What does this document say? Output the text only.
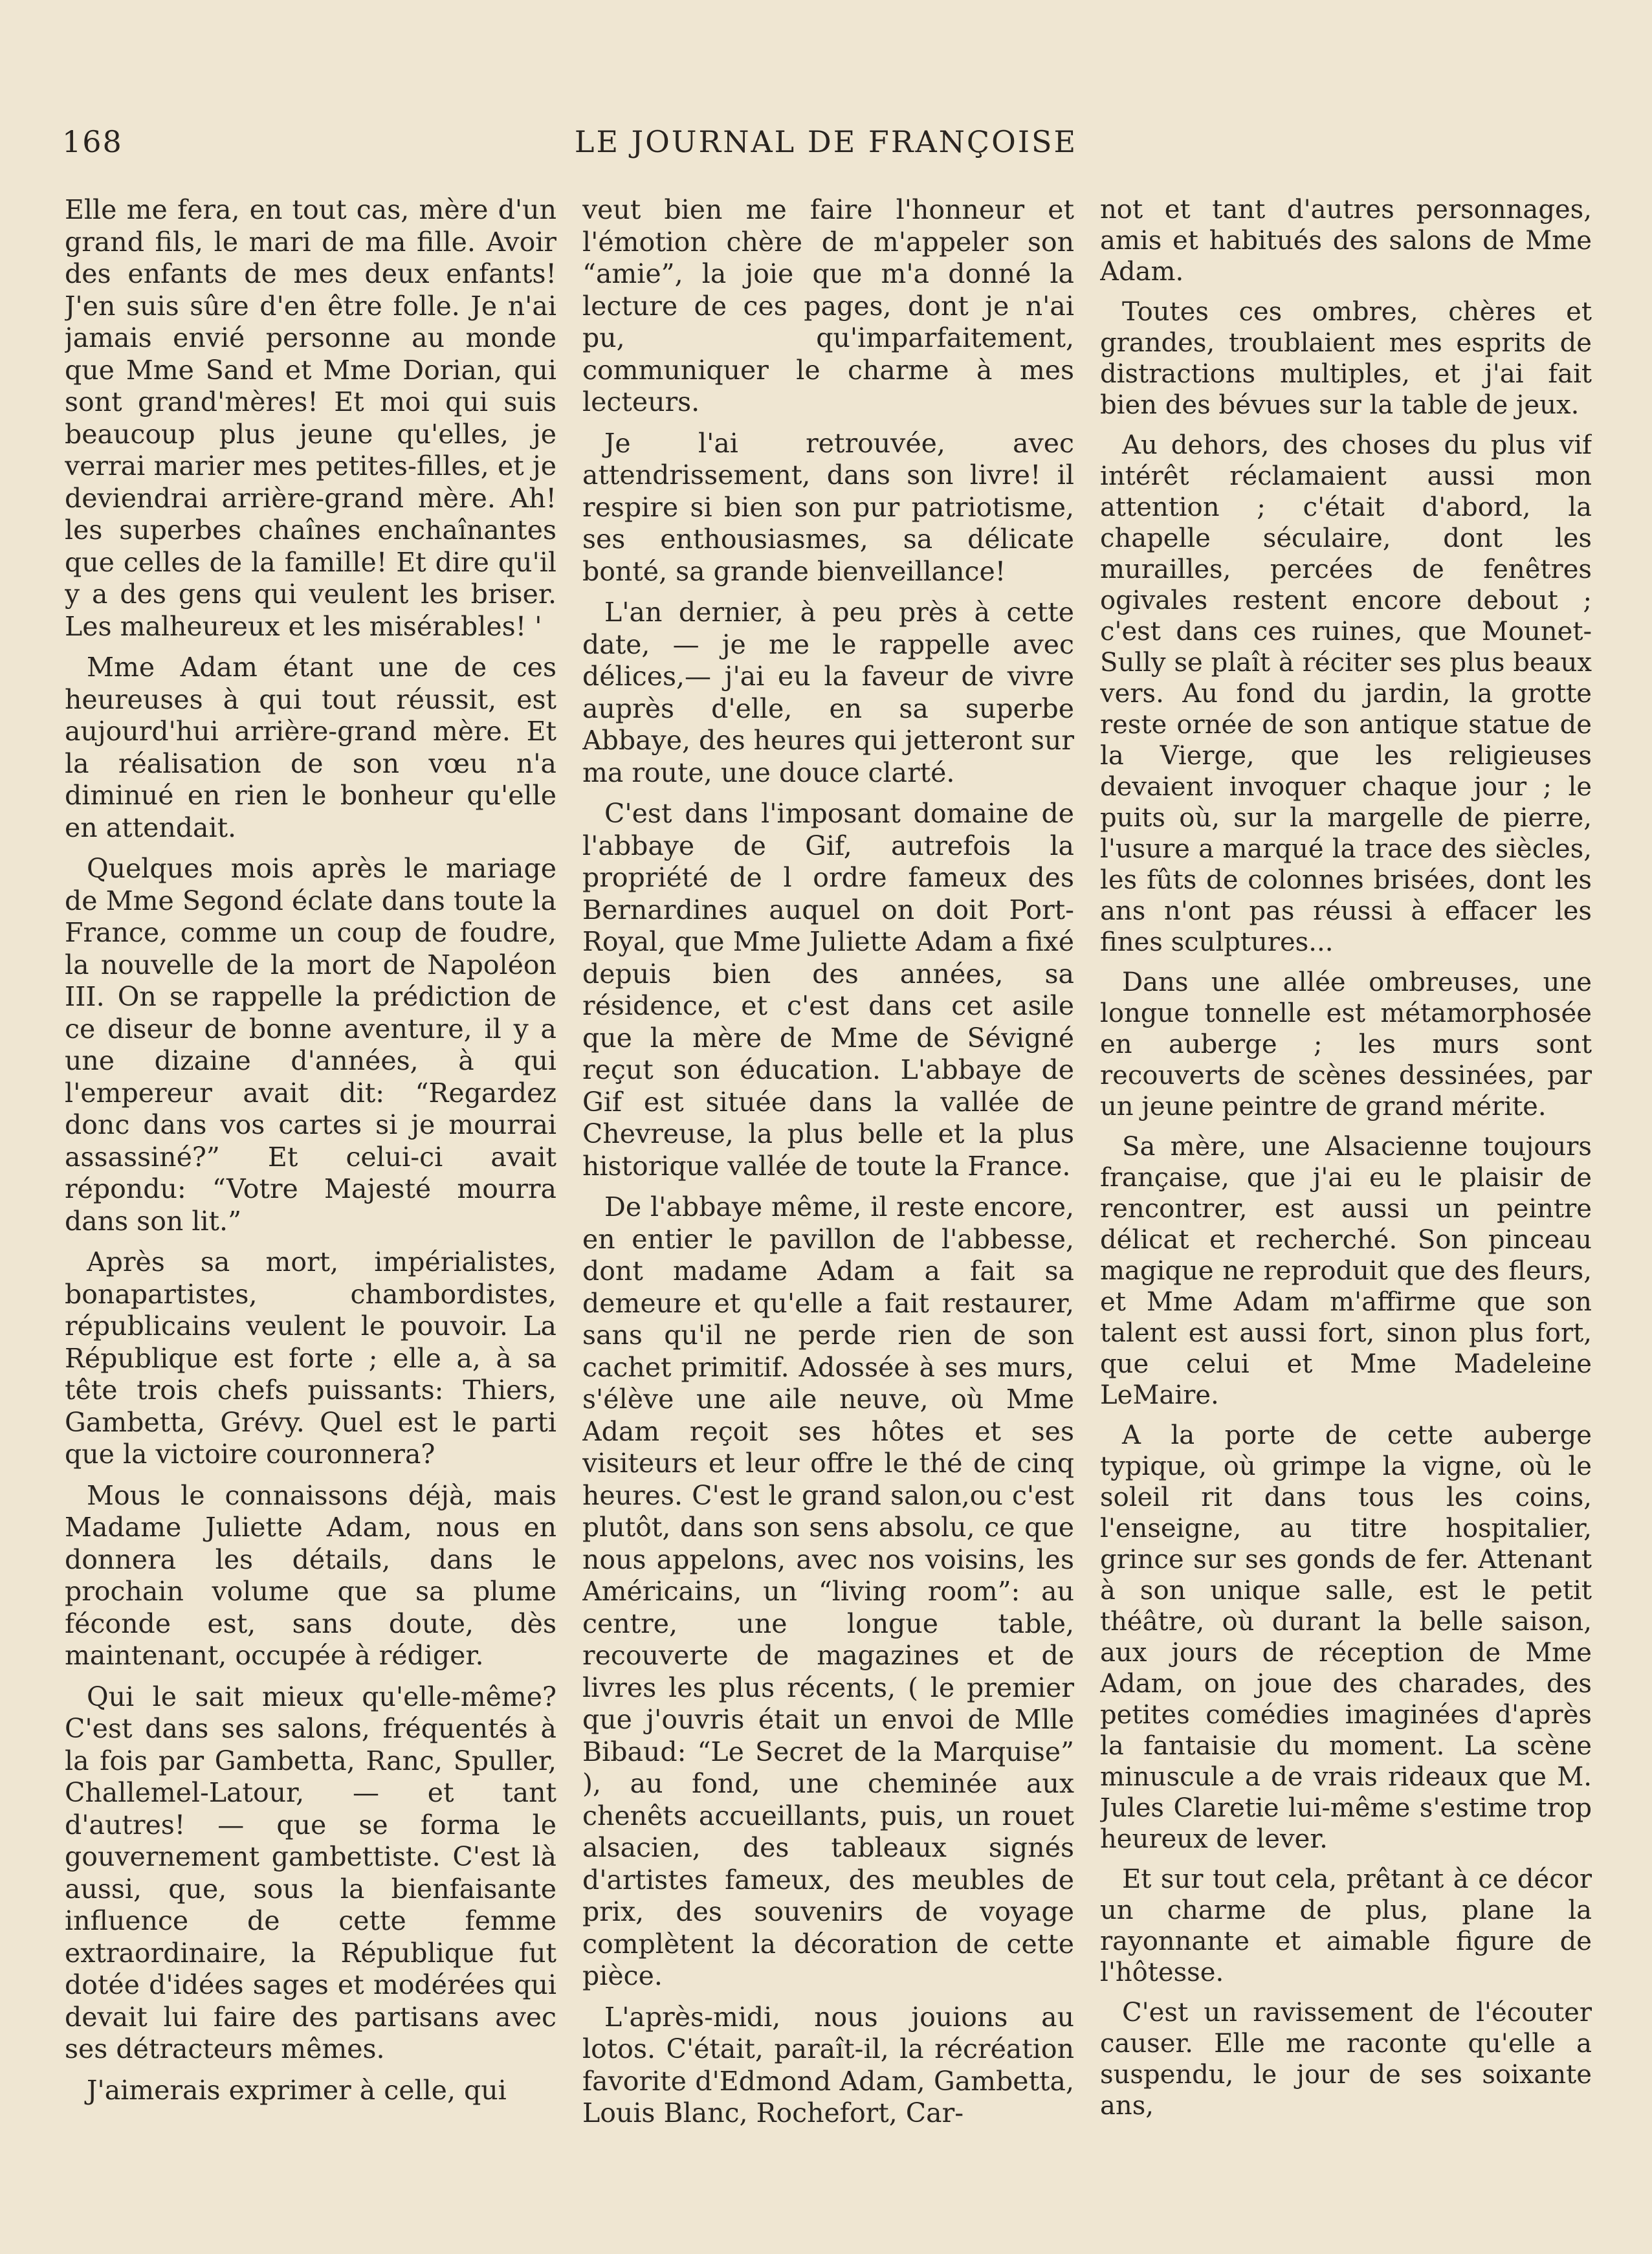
168	LE JOURNAL DE FRANÇOISE

Elle me fera, en tout cas, mère d'un grand fils, le mari de ma fille. Avoir des enfants de mes deux enfants! J'en suis sûre d'en être folle. Je n'ai jamais envié personne au monde que Mme Sand et Mme Dorian, qui sont grand'mères! Et moi qui suis beaucoup plus jeune qu'elles, je verrai marier mes petites-filles, et je deviendrai arrière-grand mère. Ah! les superbes chaînes enchaînantes que celles de la famille! Et dire qu'il y a des gens qui veulent les briser. Les malheureux et les misérables! '

Mme Adam étant une de ces heureuses à qui tout réussit, est aujourd'hui arrière-grand mère. Et la réalisation de son vœu n'a diminué en rien le bonheur qu'elle en attendait.

Quelques mois après le mariage de Mme Segond éclate dans toute la France, comme un coup de foudre, la nouvelle de la mort de Napoléon III. On se rappelle la prédiction de ce diseur de bonne aventure, il y a une dizaine d'années, à qui l'empereur avait dit: “Regardez donc dans vos cartes si je mourrai assassiné?” Et celui-ci avait répondu: “Votre Majesté mourra dans son lit.”

Après sa mort, impérialistes, bonapartistes, chambordistes, républicains veulent le pouvoir. La République est forte ; elle a, à sa tête trois chefs puissants: Thiers, Gambetta, Grévy. Quel est le parti que la victoire couronnera?

Mous le connaissons déjà, mais Madame Juliette Adam, nous en donnera les détails, dans le prochain volume que sa plume féconde est, sans doute, dès maintenant, occupée à rédiger.

Qui le sait mieux qu'elle-même? C'est dans ses salons, fréquentés à la fois par Gambetta, Ranc, Spuller, Challemel-Latour, — et tant d'autres! — que se forma le gouvernement gambettiste. C'est là aussi, que, sous la bienfaisante influence de cette femme extraordinaire, la République fut dotée d'idées sages et modérées qui devait lui faire des partisans avec ses détracteurs mêmes.

J'aimerais exprimer à celle, qui

veut bien me faire l'honneur et l'émotion chère de m'appeler son “amie”, la joie que m'a donné la lecture de ces pages, dont je n'ai pu, qu'imparfaitement, communiquer le charme à mes lecteurs.

Je l'ai retrouvée, avec attendrissement, dans son livre! il respire si bien son pur patriotisme, ses enthousiasmes, sa délicate bonté, sa grande bienveillance!

L'an dernier, à peu près à cette date, — je me le rappelle avec délices,— j'ai eu la faveur de vivre auprès d'elle, en sa superbe Abbaye, des heures qui jetteront sur ma route, une douce clarté.

C'est dans l'imposant domaine de l'abbaye de Gif, autrefois la propriété de l ordre fameux des Bernardines auquel on doit Port-Royal, que Mme Juliette Adam a fixé depuis bien des années, sa résidence, et c'est dans cet asile que la mère de Mme de Sévigné reçut son éducation. L'abbaye de Gif est située dans la vallée de Chevreuse, la plus belle et la plus historique vallée de toute la France.

De l'abbaye même, il reste encore, en entier le pavillon de l'abbesse, dont madame Adam a fait sa demeure et qu'elle a fait restaurer, sans qu'il ne perde rien de son cachet primitif. Adossée à ses murs, s'élève une aile neuve, où Mme Adam reçoit ses hôtes et ses visiteurs et leur offre le thé de cinq heures. C'est le grand salon,ou c'est plutôt, dans son sens absolu, ce que nous appelons, avec nos voisins, les Américains, un “living room”: au centre, une longue table, recouverte de magazines et de livres les plus récents, ( le premier que j'ouvris était un envoi de Mlle Bibaud: “Le Secret de la Marquise” ), au fond, une cheminée aux chenêts accueillants, puis, un rouet alsacien, des tableaux signés d'artistes fameux, des meubles de prix, des souvenirs de voyage complètent la décoration de cette pièce.

L'après-midi, nous jouions au lotos. C'était, paraît-il, la récréation favorite d'Edmond Adam, Gambetta, Louis Blanc, Rochefort, Car-

not et tant d'autres personnages, amis et habitués des salons de Mme Adam.

Toutes ces ombres, chères et grandes, troublaient mes esprits de distractions multiples, et j'ai fait bien des bévues sur la table de jeux.

Au dehors, des choses du plus vif intérêt réclamaient aussi mon attention ; c'était d'abord, la chapelle séculaire, dont les murailles, percées de fenêtres ogivales restent encore debout ; c'est dans ces ruines, que Mounet-Sully se plaît à réciter ses plus beaux vers. Au fond du jardin, la grotte reste ornée de son antique statue de la Vierge, que les religieuses devaient invoquer chaque jour ; le puits où, sur la margelle de pierre, l'usure a marqué la trace des siècles, les fûts de colonnes brisées, dont les ans n'ont pas réussi à effacer les fines sculptures...

Dans une allée ombreuses, une longue tonnelle est métamorphosée en auberge ; les murs sont recouverts de scènes dessinées, par un jeune peintre de grand mérite.

Sa mère, une Alsacienne toujours française, que j'ai eu le plaisir de rencontrer, est aussi un peintre délicat et recherché. Son pinceau magique ne reproduit que des fleurs, et Mme Adam m'affirme que son talent est aussi fort, sinon plus fort, que celui et Mme Madeleine LeMaire.

A la porte de cette auberge typique, où grimpe la vigne, où le soleil rit dans tous les coins, l'enseigne, au titre hospitalier, grince sur ses gonds de fer. Attenant à son unique salle, est le petit théâtre, où durant la belle saison, aux jours de réception de Mme Adam, on joue des charades, des petites comédies imaginées d'après la fantaisie du moment. La scène minuscule a de vrais rideaux que M. Jules Claretie lui-même s'estime trop heureux de lever.

Et sur tout cela, prêtant à ce décor un charme de plus, plane la rayonnante et aimable figure de l'hôtesse.

C'est un ravissement de l'écouter causer. Elle me raconte qu'elle a suspendu, le jour de ses soixante ans,
